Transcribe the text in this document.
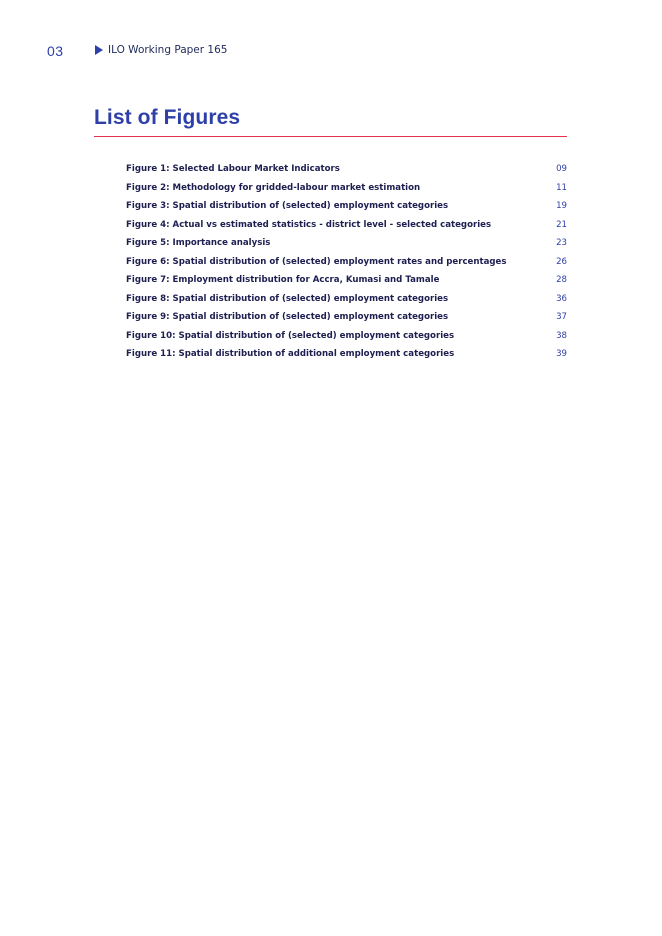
03	ILO Working Paper 165
List of Figures
Figure 1: Selected Labour Market Indicators	09
Figure 2: Methodology for gridded-labour market estimation	11
Figure 3: Spatial distribution of (selected) employment categories	19
Figure 4: Actual vs estimated statistics - district level - selected categories	21
Figure 5: Importance analysis	23
Figure 6: Spatial distribution of (selected) employment rates and percentages	26
Figure 7: Employment distribution for Accra, Kumasi and Tamale	28
Figure 8: Spatial distribution of (selected) employment categories	36
Figure 9: Spatial distribution of (selected) employment categories	37
Figure 10: Spatial distribution of (selected) employment categories	38
Figure 11: Spatial distribution of additional employment categories	39
